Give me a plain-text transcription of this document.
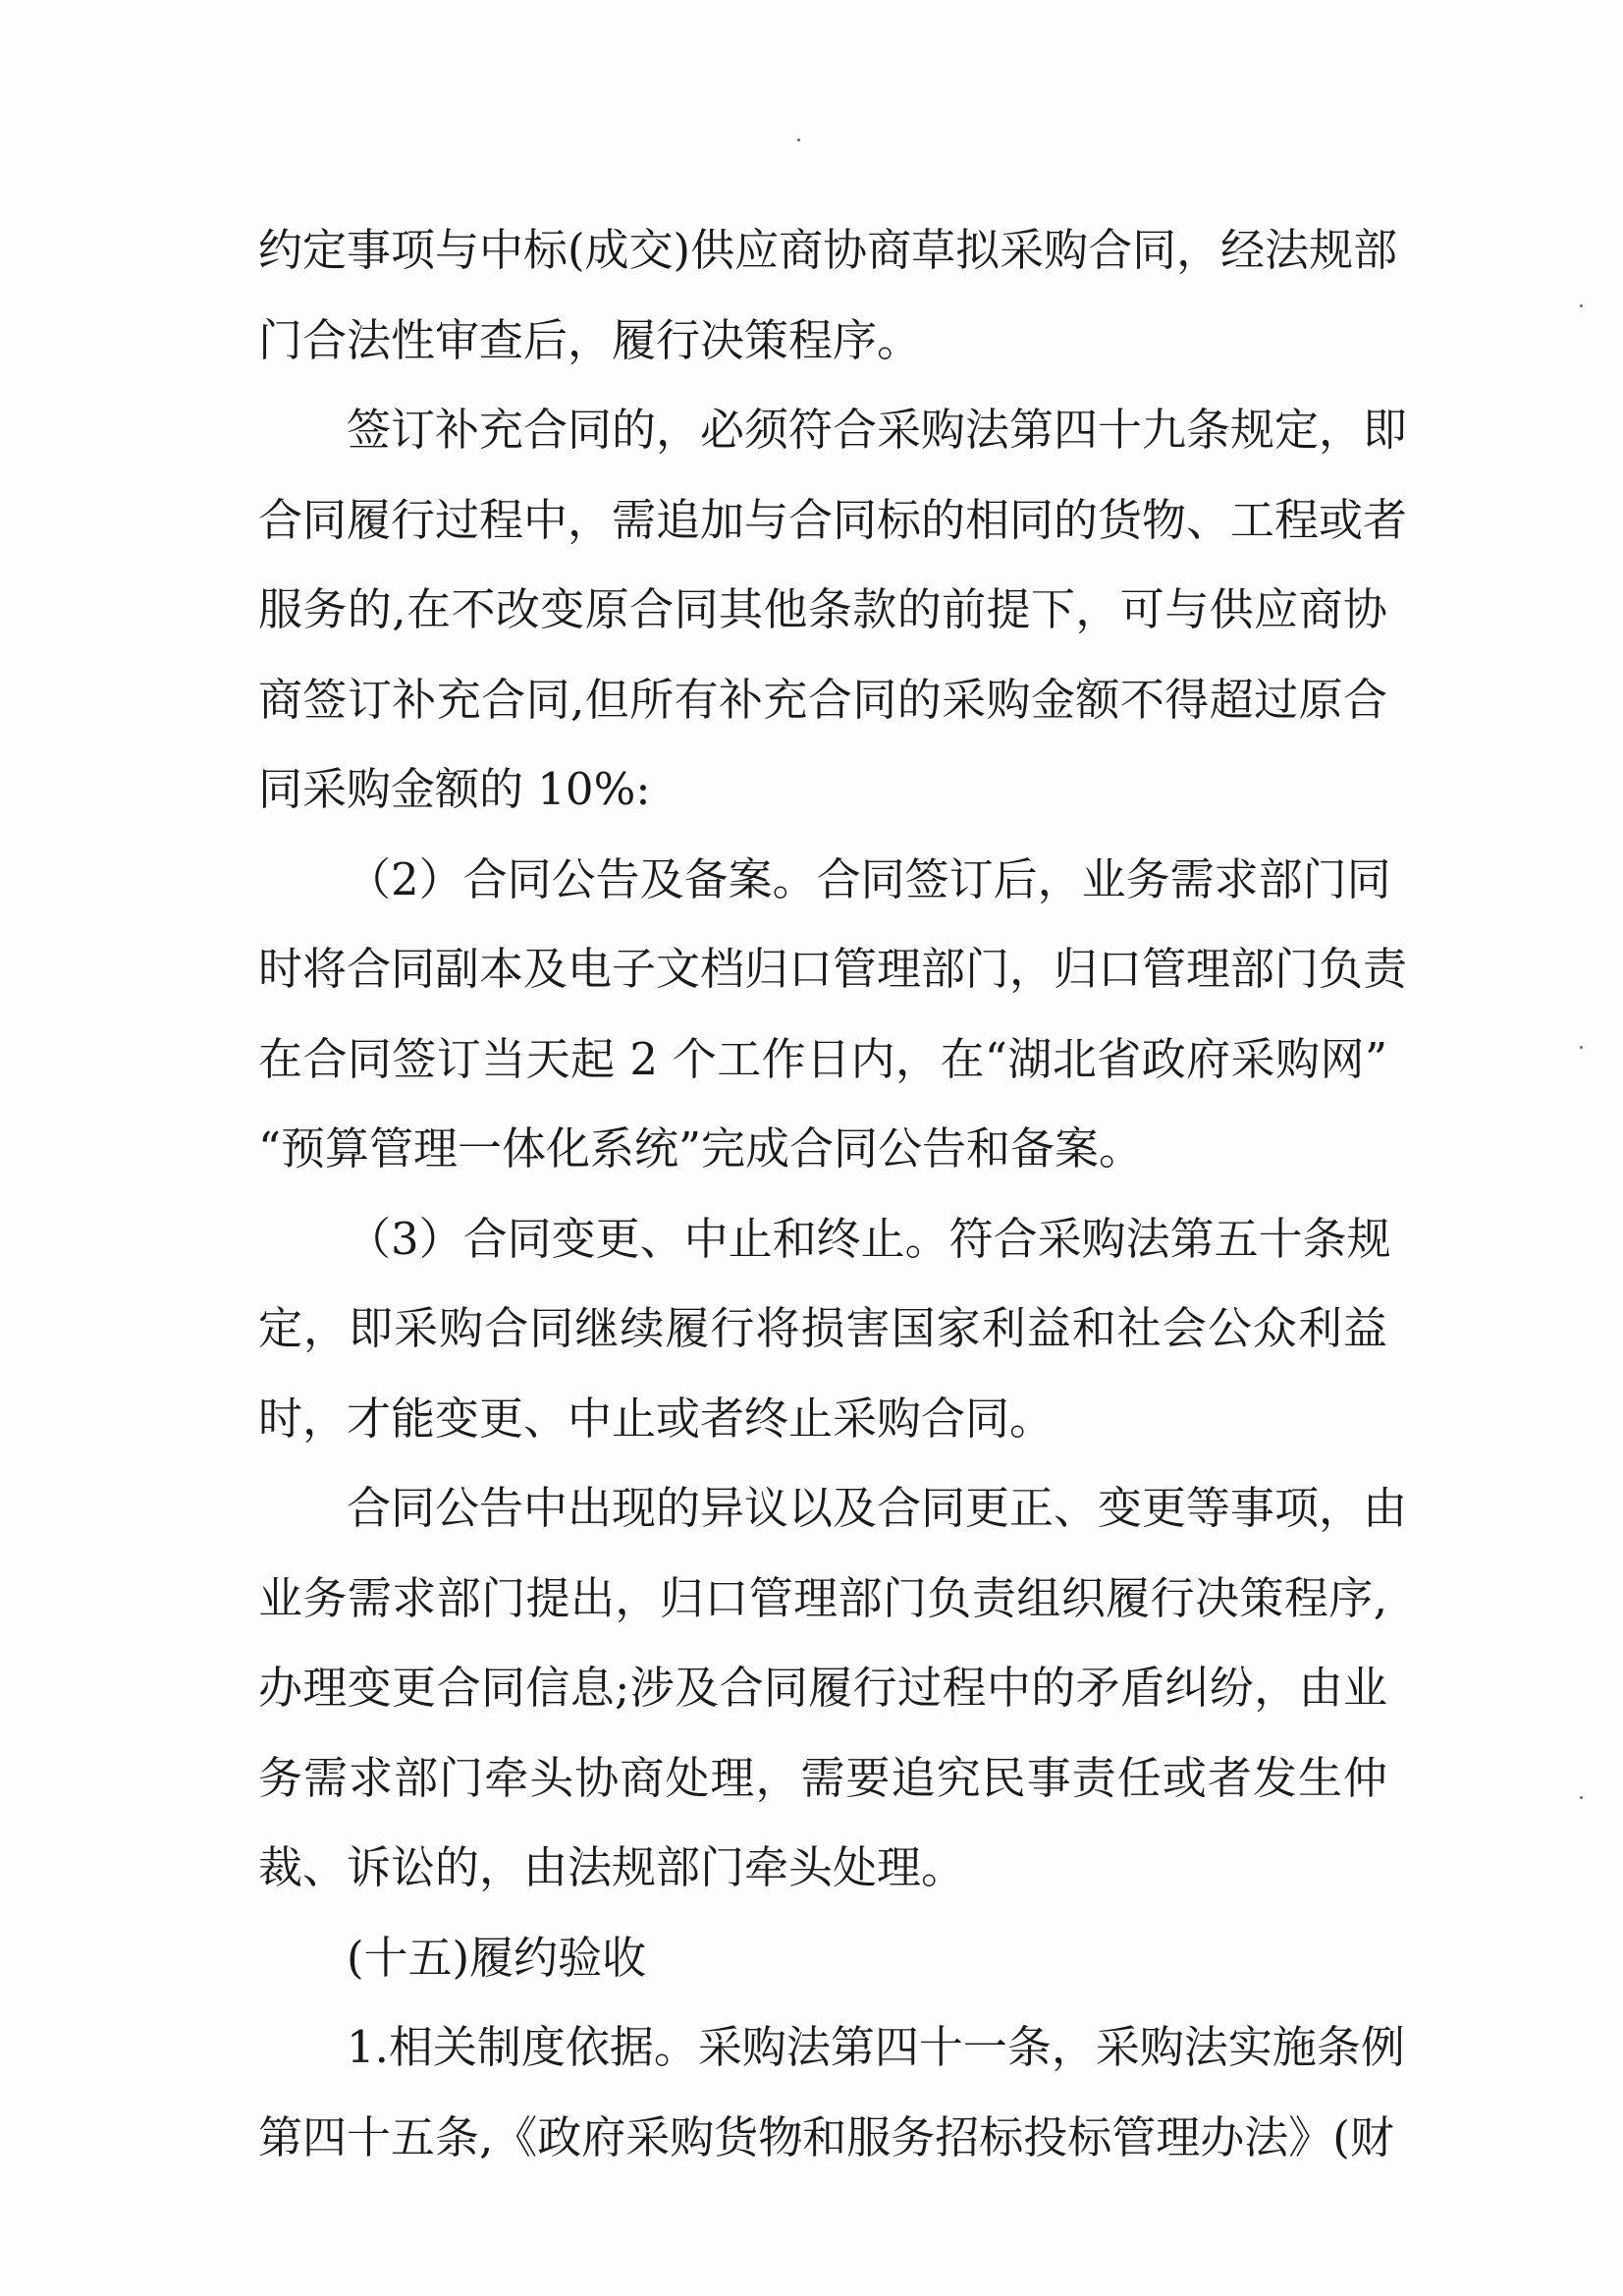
约定事项与中标(成交)供应商协商草拟采购合同，经法规部
门合法性审查后，履行决策程序。
签订补充合同的，必须符合采购法第四十九条规定，即
合同履行过程中，需追加与合同标的相同的货物、工程或者
服务的,在不改变原合同其他条款的前提下，可与供应商协
商签订补充合同,但所有补充合同的采购金额不得超过原合
同采购金额的 10%:
（2）合同公告及备案。合同签订后，业务需求部门同
时将合同副本及电子文档归口管理部门，归口管理部门负责
在合同签订当天起 2 个工作日内，在“湖北省政府采购网”
“预算管理一体化系统”完成合同公告和备案。
（3）合同变更、中止和终止。符合采购法第五十条规
定，即采购合同继续履行将损害国家利益和社会公众利益
时，才能变更、中止或者终止采购合同。
合同公告中出现的异议以及合同更正、变更等事项，由
业务需求部门提出，归口管理部门负责组织履行决策程序,
办理变更合同信息;涉及合同履行过程中的矛盾纠纷，由业
务需求部门牵头协商处理，需要追究民事责任或者发生仲
裁、诉讼的，由法规部门牵头处理。
(十五)履约验收
1.相关制度依据。采购法第四十一条，采购法实施条例
第四十五条,《政府采购货物和服务招标投标管理办法》(财
